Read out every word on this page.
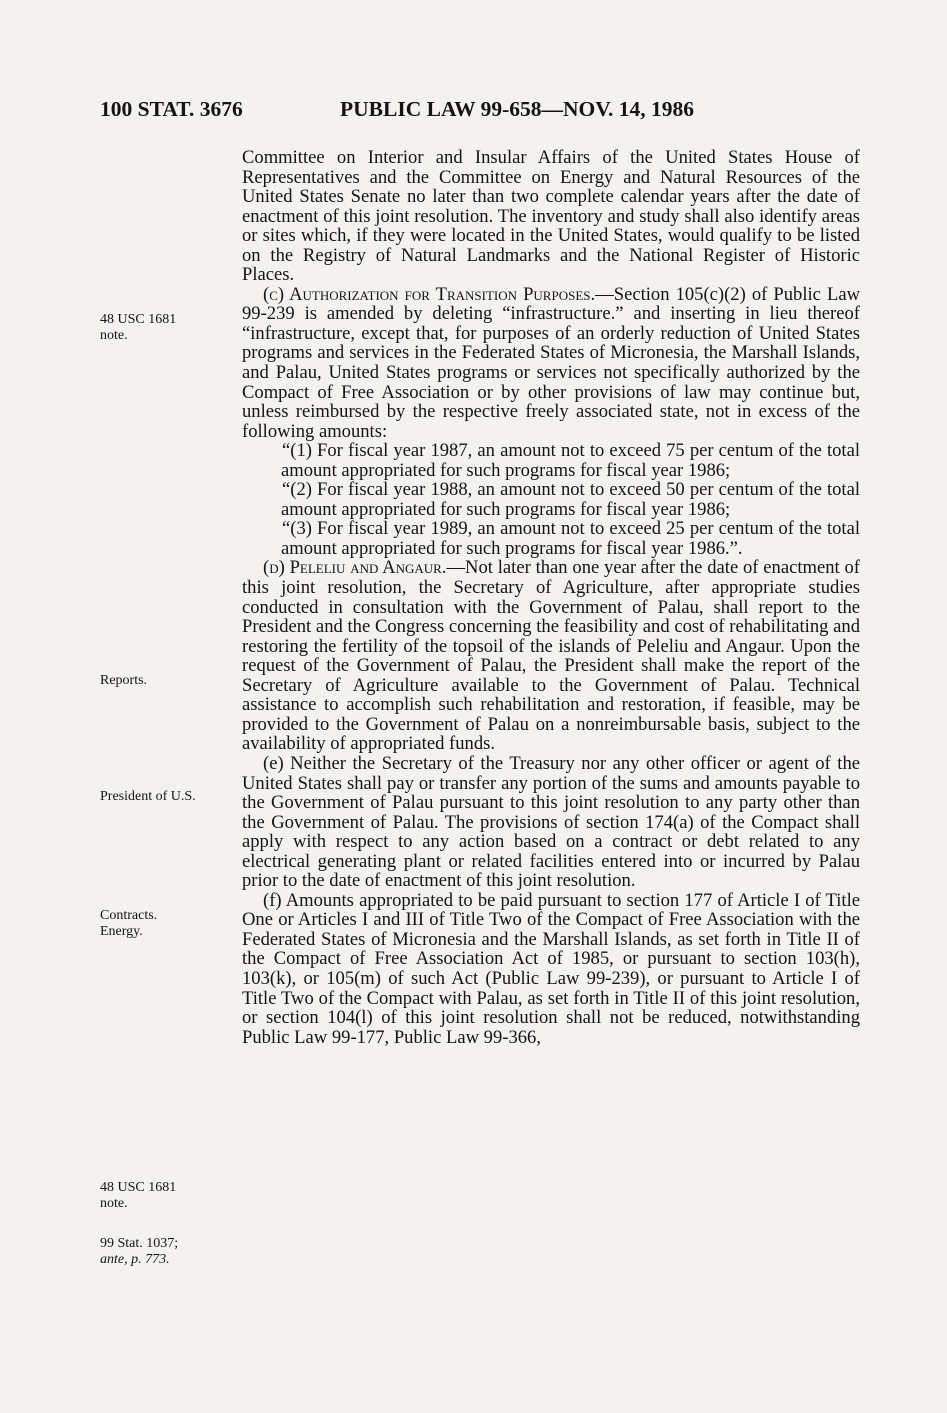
100 STAT. 3676	PUBLIC LAW 99-658—NOV. 14, 1986
48 USC 1681
note.
Reports.
President of U.S.
Contracts.
Energy.
48 USC 1681
note.
99 Stat. 1037;
ante, p. 773.

Committee on Interior and Insular Affairs of the United States House of Representatives and the Committee on Energy and Natural Resources of the United States Senate no later than two complete calendar years after the date of enactment of this joint resolution. The inventory and study shall also identify areas or sites which, if they were located in the United States, would qualify to be listed on the Registry of Natural Landmarks and the National Register of Historic Places.

(c) Authorization for Transition Purposes.—Section 105(c)(2) of Public Law 99-239 is amended by deleting “infrastructure.” and inserting in lieu thereof “infrastructure, except that, for purposes of an orderly reduction of United States programs and services in the Federated States of Micronesia, the Marshall Islands, and Palau, United States programs or services not specifically authorized by the Compact of Free Association or by other provisions of law may continue but, unless reimbursed by the respective freely associated state, not in excess of the following amounts:

“(1) For fiscal year 1987, an amount not to exceed 75 per centum of the total amount appropriated for such programs for fiscal year 1986;

“(2) For fiscal year 1988, an amount not to exceed 50 per centum of the total amount appropriated for such programs for fiscal year 1986;

“(3) For fiscal year 1989, an amount not to exceed 25 per centum of the total amount appropriated for such programs for fiscal year 1986.”.

(d) Peleliu and Angaur.—Not later than one year after the date of enactment of this joint resolution, the Secretary of Agriculture, after appropriate studies conducted in consultation with the Government of Palau, shall report to the President and the Congress concerning the feasibility and cost of rehabilitating and restoring the fertility of the topsoil of the islands of Peleliu and Angaur. Upon the request of the Government of Palau, the President shall make the report of the Secretary of Agriculture available to the Government of Palau. Technical assistance to accomplish such rehabilitation and restoration, if feasible, may be provided to the Government of Palau on a nonreimbursable basis, subject to the availability of appropriated funds.

(e) Neither the Secretary of the Treasury nor any other officer or agent of the United States shall pay or transfer any portion of the sums and amounts payable to the Government of Palau pursuant to this joint resolution to any party other than the Government of Palau. The provisions of section 174(a) of the Compact shall apply with respect to any action based on a contract or debt related to any electrical generating plant or related facilities entered into or incurred by Palau prior to the date of enactment of this joint resolution.

(f) Amounts appropriated to be paid pursuant to section 177 of Article I of Title One or Articles I and III of Title Two of the Compact of Free Association with the Federated States of Micronesia and the Marshall Islands, as set forth in Title II of the Compact of Free Association Act of 1985, or pursuant to section 103(h), 103(k), or 105(m) of such Act (Public Law 99-239), or pursuant to Article I of Title Two of the Compact with Palau, as set forth in Title II of this joint resolution, or section 104(l) of this joint resolution shall not be reduced, notwithstanding Public Law 99-177, Public Law 99-366,
